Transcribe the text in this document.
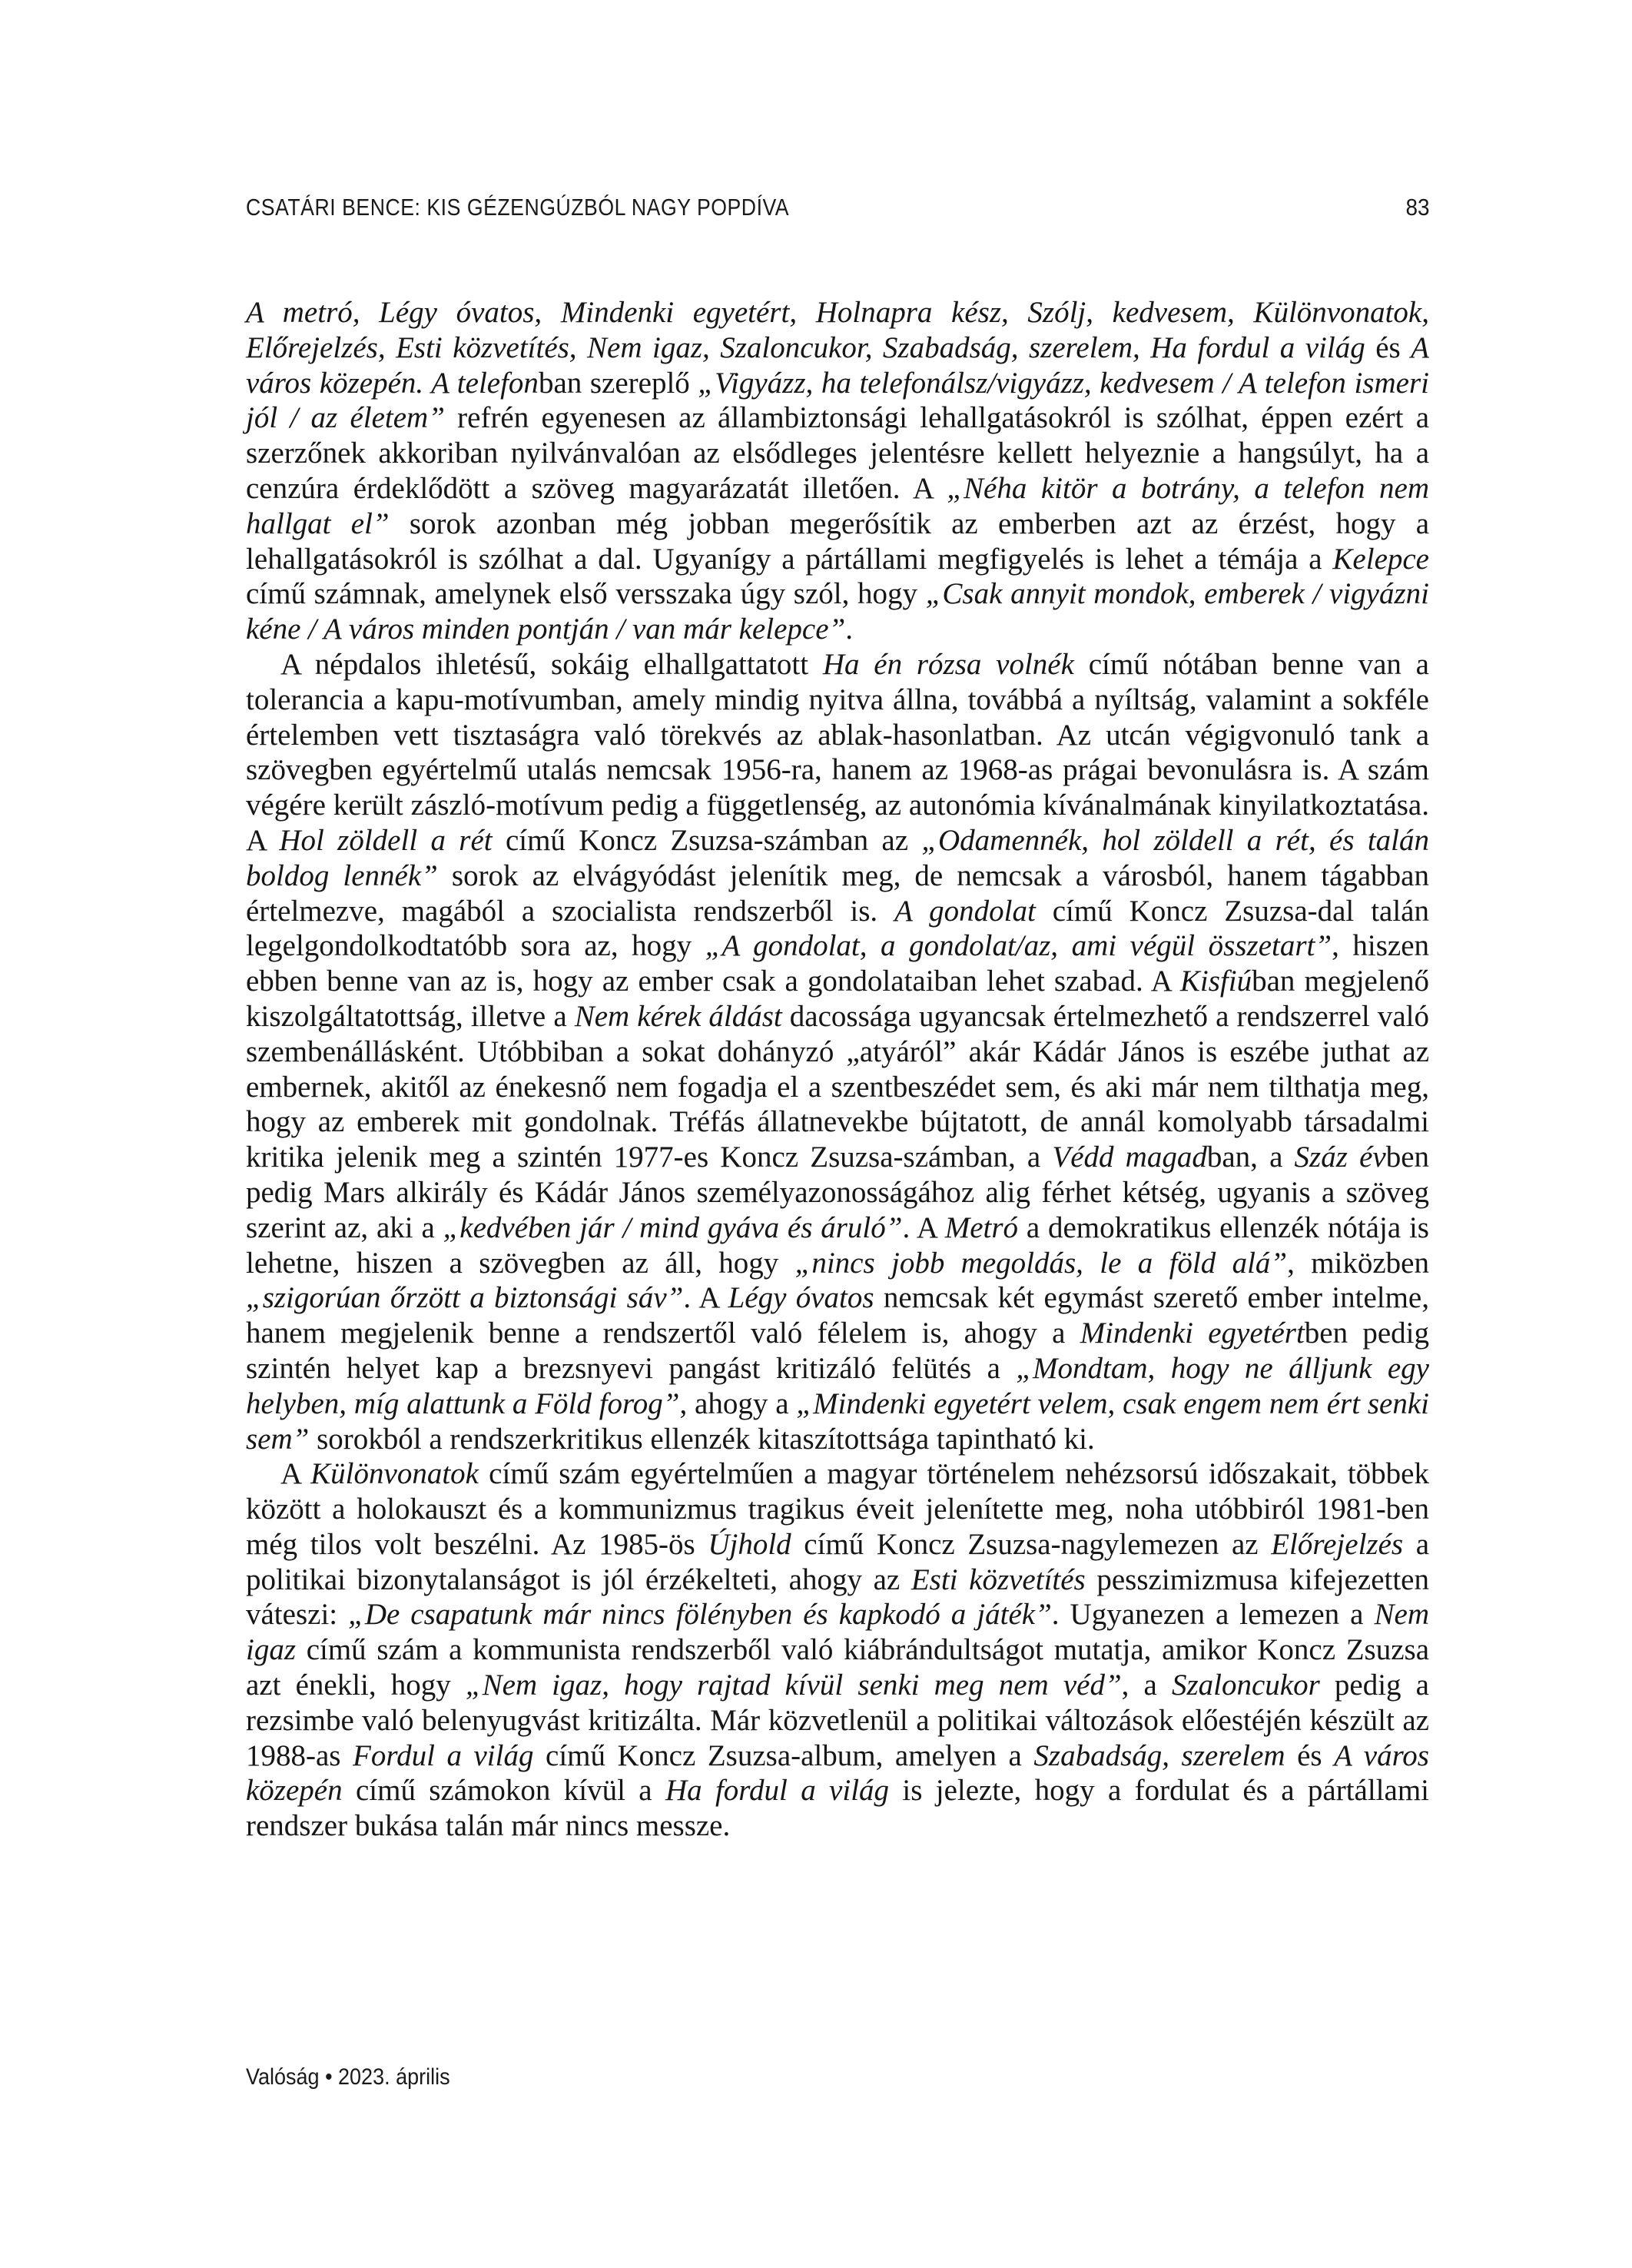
CSATÁRI BENCE: KIS GÉZENGÚZBÓL NAGY POPDÍVA	83

A metró, Légy óvatos, Mindenki egyetért, Holnapra kész, Szólj, kedvesem, Különvonatok, Előrejelzés, Esti közvetítés, Nem igaz, Szaloncukor, Szabadság, szerelem, Ha fordul a világ és A város közepén. A telefonban szereplő „Vigyázz, ha telefonálsz/vigyázz, kedvesem / A telefon ismeri jól / az életem” refrén egyenesen az állambiztonsági lehallgatásokról is szólhat, éppen ezért a szerzőnek akkoriban nyilvánvalóan az elsődleges jelentésre kellett helyeznie a hangsúlyt, ha a cenzúra érdeklődött a szöveg magyarázatát illetően. A „Néha kitör a botrány, a telefon nem hallgat el” sorok azonban még jobban megerősítik az emberben azt az érzést, hogy a lehallgatásokról is szólhat a dal. Ugyanígy a pártállami megfigyelés is lehet a témája a Kelepce című számnak, amelynek első versszaka úgy szól, hogy „Csak annyit mondok, emberek / vigyázni kéne / A város minden pontján / van már kelepce”.

A népdalos ihletésű, sokáig elhallgattatott Ha én rózsa volnék című nótában benne van a tolerancia a kapu-motívumban, amely mindig nyitva állna, továbbá a nyíltság, valamint a sokféle értelemben vett tisztaságra való törekvés az ablak-hasonlatban. Az utcán végigvonuló tank a szövegben egyértelmű utalás nemcsak 1956-ra, hanem az 1968-as prágai bevonulásra is. A szám végére került zászló-motívum pedig a függetlenség, az autonómia kívánalmának kinyilatkoztatása. A Hol zöldell a rét című Koncz Zsuzsa-számban az „Odamennék, hol zöldell a rét, és talán boldog lennék” sorok az elvágyódást jelenítik meg, de nemcsak a városból, hanem tágabban értelmezve, magából a szocialista rendszerből is. A gondolat című Koncz Zsuzsa-dal talán legelgondolkodtatóbb sora az, hogy „A gondolat, a gondolat/az, ami végül összetart”, hiszen ebben benne van az is, hogy az ember csak a gondolataiban lehet szabad. A Kisfiúban megjelenő kiszolgáltatottság, illetve a Nem kérek áldást dacossága ugyancsak értelmezhető a rendszerrel való szembenállásként. Utóbbiban a sokat dohányzó „atyáról” akár Kádár János is eszébe juthat az embernek, akitől az énekesnő nem fogadja el a szentbeszédet sem, és aki már nem tilthatja meg, hogy az emberek mit gondolnak. Tréfás állatnevekbe bújtatott, de annál komolyabb társadalmi kritika jelenik meg a szintén 1977-es Koncz Zsuzsa-számban, a Védd magadban, a Száz évben pedig Mars alkirály és Kádár János személyazonosságához alig férhet kétség, ugyanis a szöveg szerint az, aki a „kedvében jár / mind gyáva és áruló”. A Metró a demokratikus ellenzék nótája is lehetne, hiszen a szövegben az áll, hogy „nincs jobb megoldás, le a föld alá”, miközben „szigorúan őrzött a biztonsági sáv”. A Légy óvatos nemcsak két egymást szerető ember intelme, hanem megjelenik benne a rendszertől való félelem is, ahogy a Mindenki egyetértben pedig szintén helyet kap a brezsnyevi pangást kritizáló felütés a „Mondtam, hogy ne álljunk egy helyben, míg alattunk a Föld forog”, ahogy a „Mindenki egyetért velem, csak engem nem ért senki sem” sorokból a rendszerkritikus ellenzék kitaszítottsága tapintható ki.

A Különvonatok című szám egyértelműen a magyar történelem nehézsorsú időszakait, többek között a holokauszt és a kommunizmus tragikus éveit jelenítette meg, noha utóbbiról 1981-ben még tilos volt beszélni. Az 1985-ös Újhold című Koncz Zsuzsa-nagylemezen az Előrejelzés a politikai bizonytalanságot is jól érzékelteti, ahogy az Esti közvetítés pesszimizmusa kifejezetten váteszi: „De csapatunk már nincs fölényben és kapkodó a játék”. Ugyanezen a lemezen a Nem igaz című szám a kommunista rendszerből való kiábrándultságot mutatja, amikor Koncz Zsuzsa azt énekli, hogy „Nem igaz, hogy rajtad kívül senki meg nem véd”, a Szaloncukor pedig a rezsimbe való belenyugvást kritizálta. Már közvetlenül a politikai változások előestéjén készült az 1988-as Fordul a világ című Koncz Zsuzsa-album, amelyen a Szabadság, szerelem és A város közepén című számokon kívül a Ha fordul a világ is jelezte, hogy a fordulat és a pártállami rendszer bukása talán már nincs messze.

Valóság • 2023. április
